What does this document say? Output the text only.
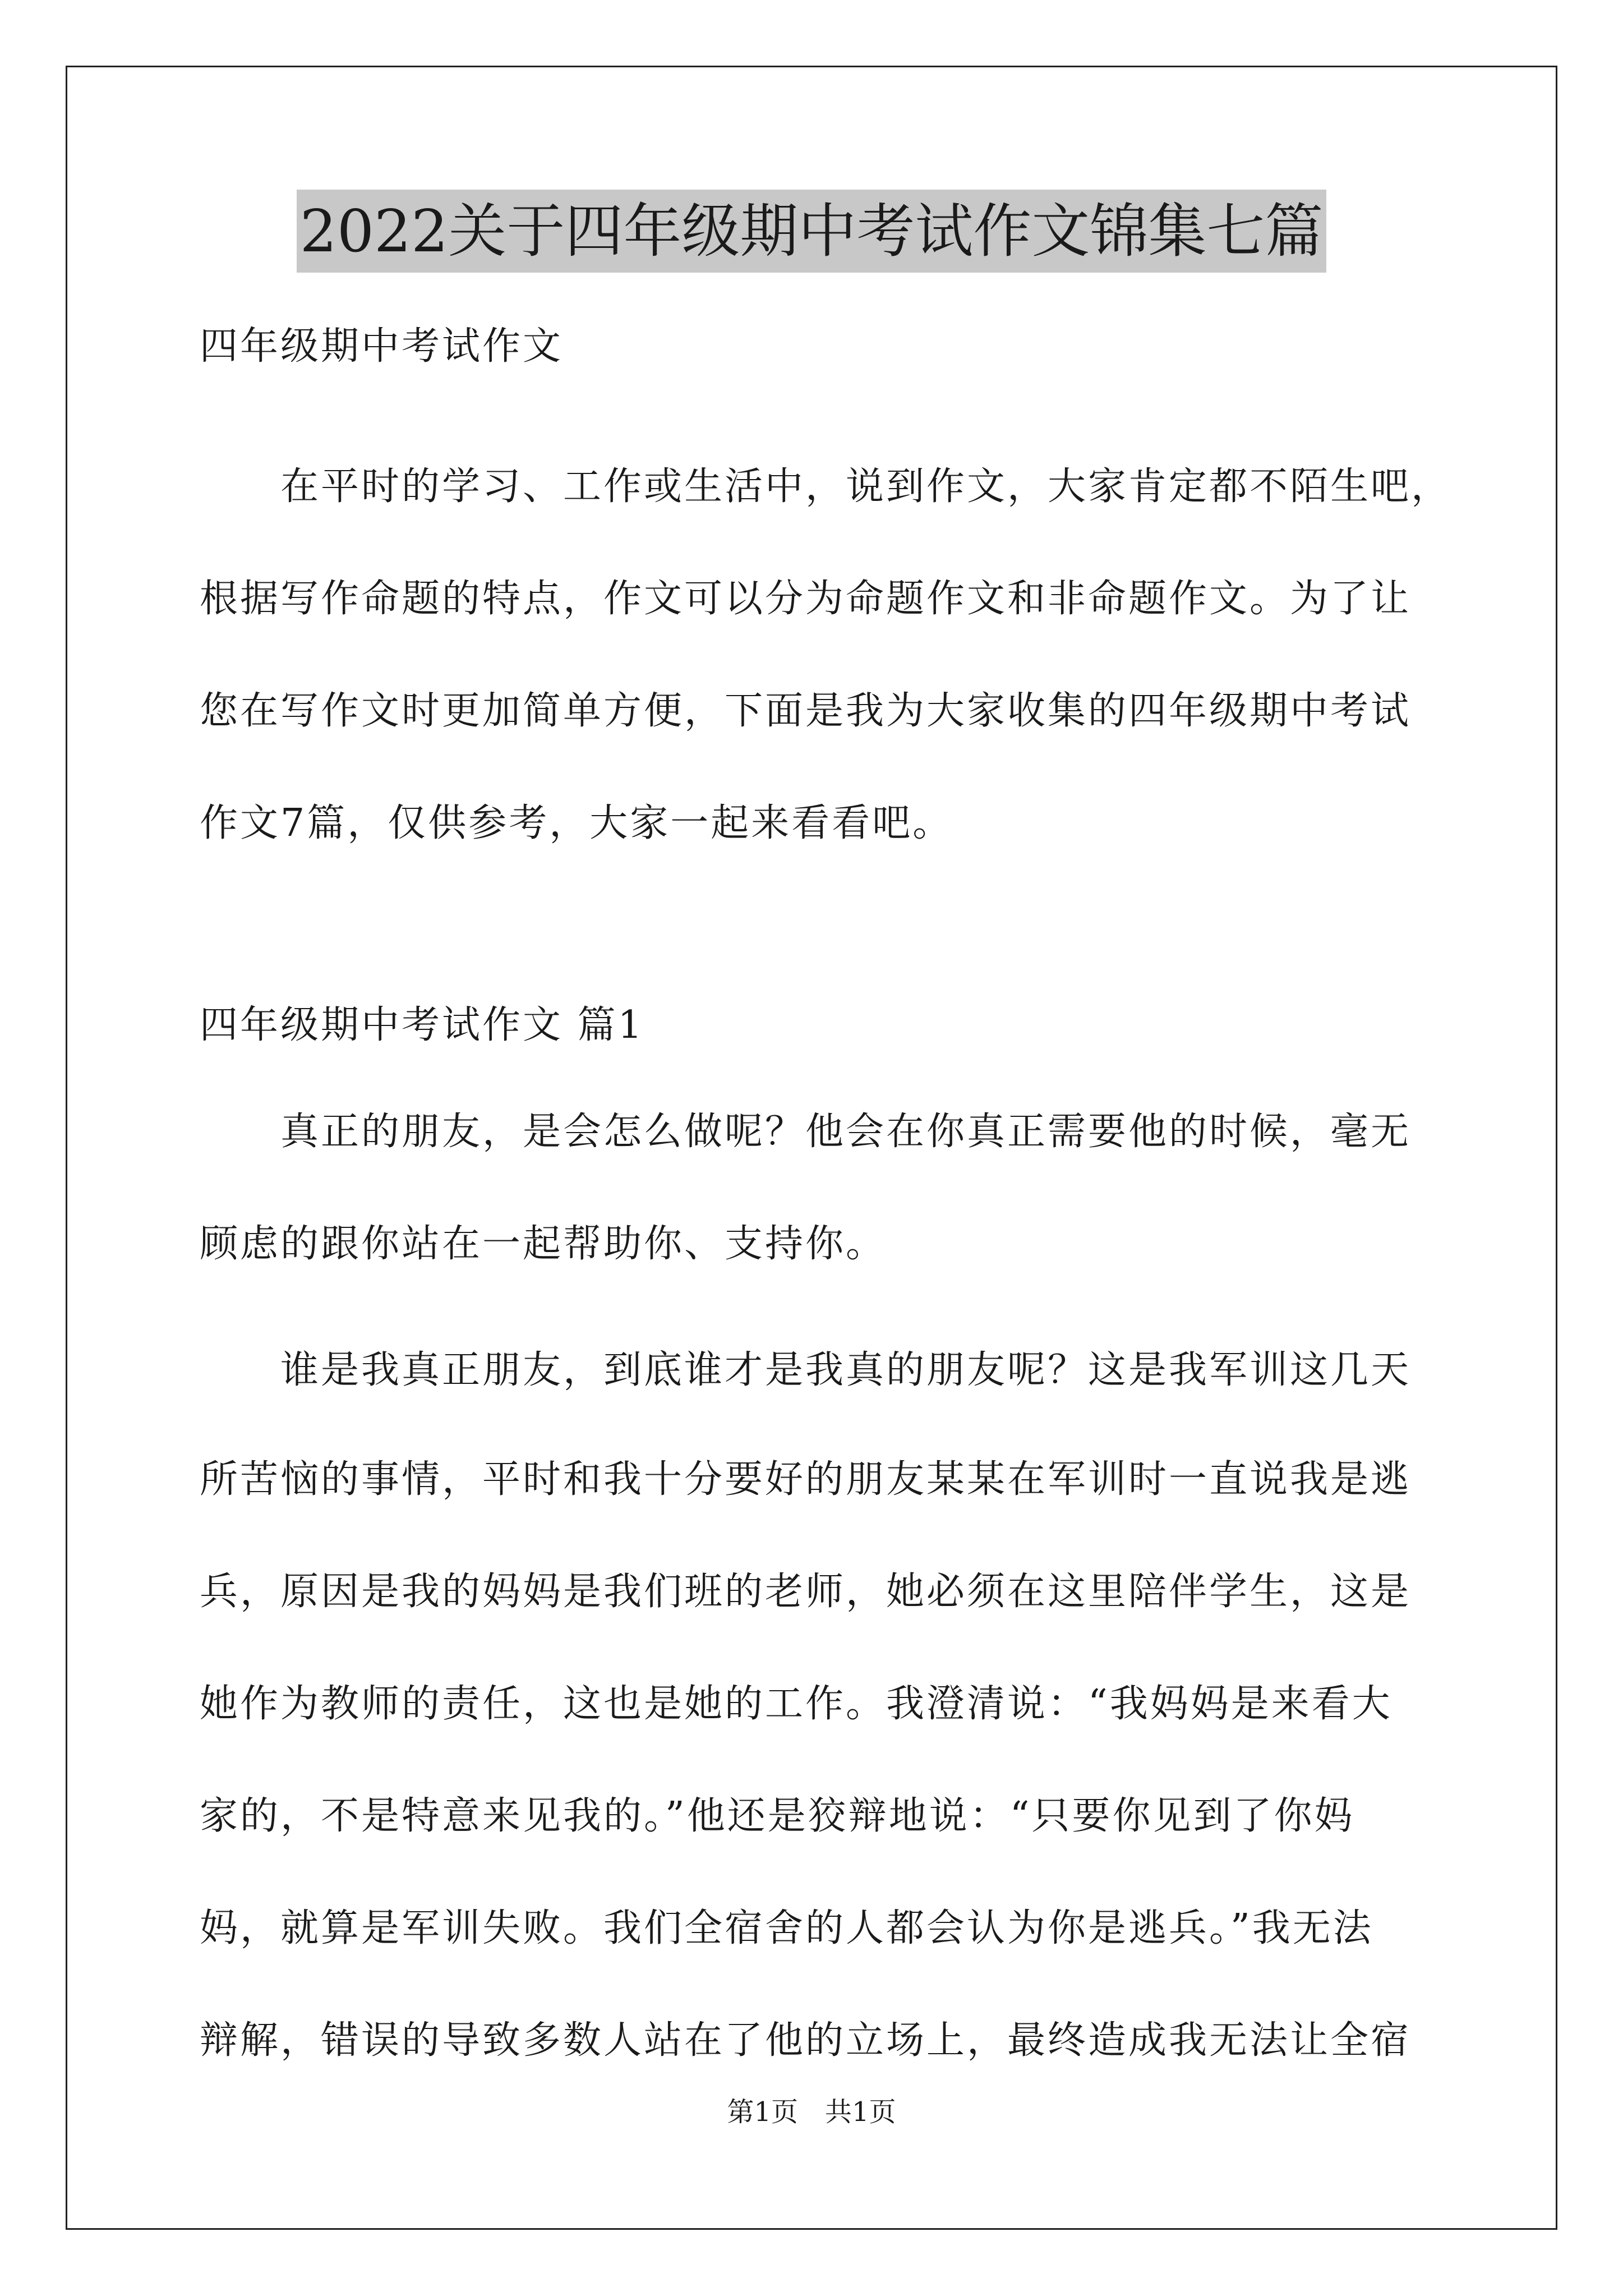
2022关于四年级期中考试作文锦集七篇
四年级期中考试作文
在平时的学习、工作或生活中，说到作文，大家肯定都不陌生吧，
根据写作命题的特点，作文可以分为命题作文和非命题作文。为了让
您在写作文时更加简单方便，下面是我为大家收集的四年级期中考试
作文7篇，仅供参考，大家一起来看看吧。
四年级期中考试作文 篇1
真正的朋友，是会怎么做呢？他会在你真正需要他的时候，毫无
顾虑的跟你站在一起帮助你、支持你。
谁是我真正朋友，到底谁才是我真的朋友呢？这是我军训这几天
所苦恼的事情，平时和我十分要好的朋友某某在军训时一直说我是逃
兵，原因是我的妈妈是我们班的老师，她必须在这里陪伴学生，这是
她作为教师的责任，这也是她的工作。我澄清说：“我妈妈是来看大
家的，不是特意来见我的。”他还是狡辩地说：“只要你见到了你妈
妈，就算是军训失败。我们全宿舍的人都会认为你是逃兵。”我无法
辩解，错误的导致多数人站在了他的立场上，最终造成我无法让全宿
第1页　共1页
